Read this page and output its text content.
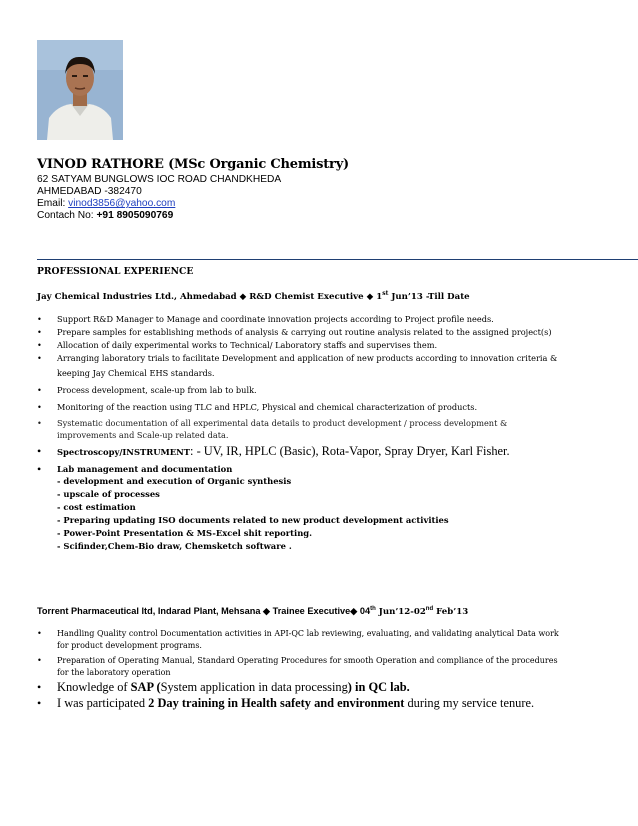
VINOD RATHORE (MSc Organic Chemistry)
62 SATYAM BUNGLOWS IOC ROAD CHANDKHEDA
AHMEDABAD -382470
Email: vinod3856@yahoo.com
Contach No: +91 8905090769
PROFESSIONAL EXPERIENCE
Jay Chemical Industries Ltd., Ahmedabad ◆ R&D Chemist Executive ◆ 1st Jun’13 -Till Date
• Support R&D Manager to Manage and coordinate innovation projects according to Project profile needs.
• Prepare samples for establishing methods of analysis & carrying out routine analysis related to the assigned project(s)
• Allocation of daily experimental works to Technical/ Laboratory staffs and supervises them.
• Arranging laboratory trials to facilitate Development and application of new products according to innovation criteria &
keeping Jay Chemical EHS standards.
• Process development, scale-up from lab to bulk.
• Monitoring of the reaction using TLC and HPLC, Physical and chemical characterization of products.
• Systematic documentation of all experimental data details to product development / process development &
improvements and Scale-up related data.
• Spectroscopy/INSTRUMENT: - UV, IR, HPLC (Basic), Rota-Vapor, Spray Dryer, Karl Fisher.
• Lab management and documentation
- development and execution of Organic synthesis
- upscale of processes
- cost estimation
- Preparing updating ISO documents related to new product development activities
- Power-Point Presentation & MS-Excel shit reporting.
- Scifinder,Chem-Bio draw, Chemsketch software .
Torrent Pharmaceutical ltd, Indarad Plant, Mehsana ◆ Trainee Executive◆ 04th Jun’12-02nd Feb’13
• Handling Quality control Documentation activities in API-QC lab reviewing, evaluating, and validating analytical Data work
for product development programs.
• Preparation of Operating Manual, Standard Operating Procedures for smooth Operation and compliance of the procedures
for the laboratory operation
• Knowledge of SAP (System application in data processing) in QC lab.
• I was participated 2 Day training in Health safety and environment during my service tenure.
